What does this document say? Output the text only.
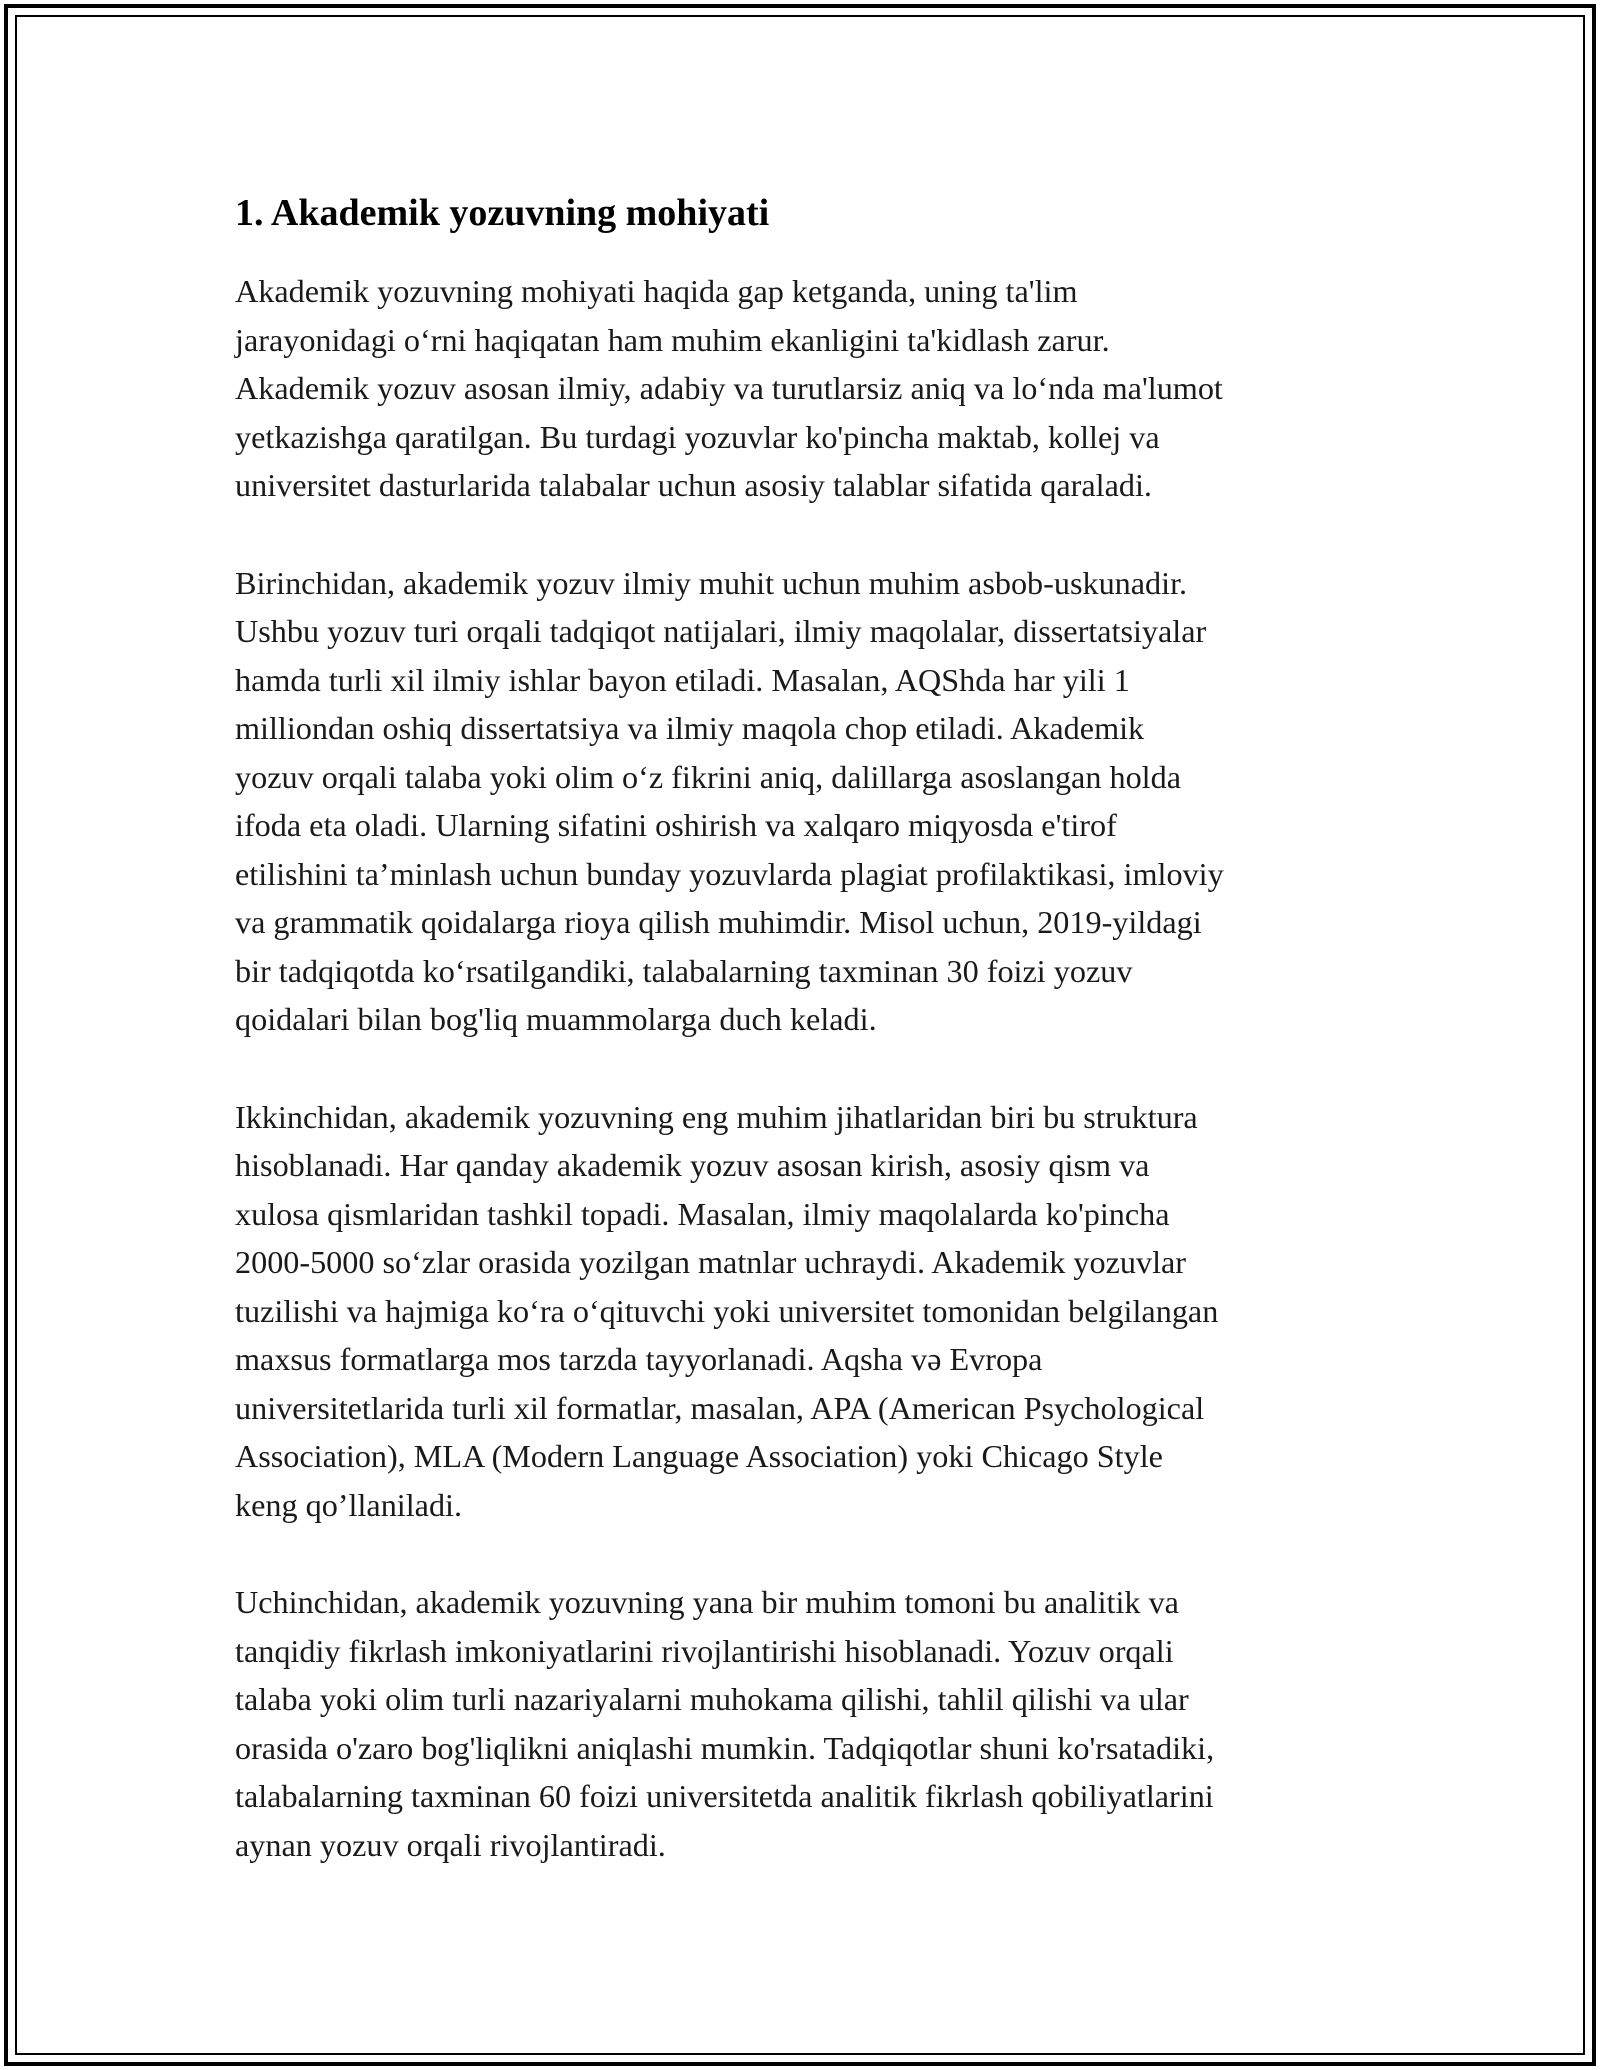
1. Akademik yozuvning mohiyati

Akademik yozuvning mohiyati haqida gap ketganda, uning ta'lim
jarayonidagi o‘rni haqiqatan ham muhim ekanligini ta'kidlash zarur.
Akademik yozuv asosan ilmiy, adabiy va turutlarsiz aniq va lo‘nda ma'lumot
yetkazishga qaratilgan. Bu turdagi yozuvlar ko'pincha maktab, kollej va
universitet dasturlarida talabalar uchun asosiy talablar sifatida qaraladi.

Birinchidan, akademik yozuv ilmiy muhit uchun muhim asbob-uskunadir.
Ushbu yozuv turi orqali tadqiqot natijalari, ilmiy maqolalar, dissertatsiyalar
hamda turli xil ilmiy ishlar bayon etiladi. Masalan, AQShda har yili 1
milliondan oshiq dissertatsiya va ilmiy maqola chop etiladi. Akademik
yozuv orqali talaba yoki olim o‘z fikrini aniq, dalillarga asoslangan holda
ifoda eta oladi. Ularning sifatini oshirish va xalqaro miqyosda e'tirof
etilishini ta’minlash uchun bunday yozuvlarda plagiat profilaktikasi, imloviy
va grammatik qoidalarga rioya qilish muhimdir. Misol uchun, 2019-yildagi
bir tadqiqotda ko‘rsatilgandiki, talabalarning taxminan 30 foizi yozuv
qoidalari bilan bog'liq muammolarga duch keladi.

Ikkinchidan, akademik yozuvning eng muhim jihatlaridan biri bu struktura
hisoblanadi. Har qanday akademik yozuv asosan kirish, asosiy qism va
xulosa qismlaridan tashkil topadi. Masalan, ilmiy maqolalarda ko'pincha
2000-5000 so‘zlar orasida yozilgan matnlar uchraydi. Akademik yozuvlar
tuzilishi va hajmiga ko‘ra o‘qituvchi yoki universitet tomonidan belgilangan
maxsus formatlarga mos tarzda tayyorlanadi. Aqsha və Evropa
universitetlarida turli xil formatlar, masalan, APA (American Psychological
Association), MLA (Modern Language Association) yoki Chicago Style
keng qo’llaniladi.

Uchinchidan, akademik yozuvning yana bir muhim tomoni bu analitik va
tanqidiy fikrlash imkoniyatlarini rivojlantirishi hisoblanadi. Yozuv orqali
talaba yoki olim turli nazariyalarni muhokama qilishi, tahlil qilishi va ular
orasida o'zaro bog'liqlikni aniqlashi mumkin. Tadqiqotlar shuni ko'rsatadiki,
talabalarning taxminan 60 foizi universitetda analitik fikrlash qobiliyatlarini
aynan yozuv orqali rivojlantiradi.
